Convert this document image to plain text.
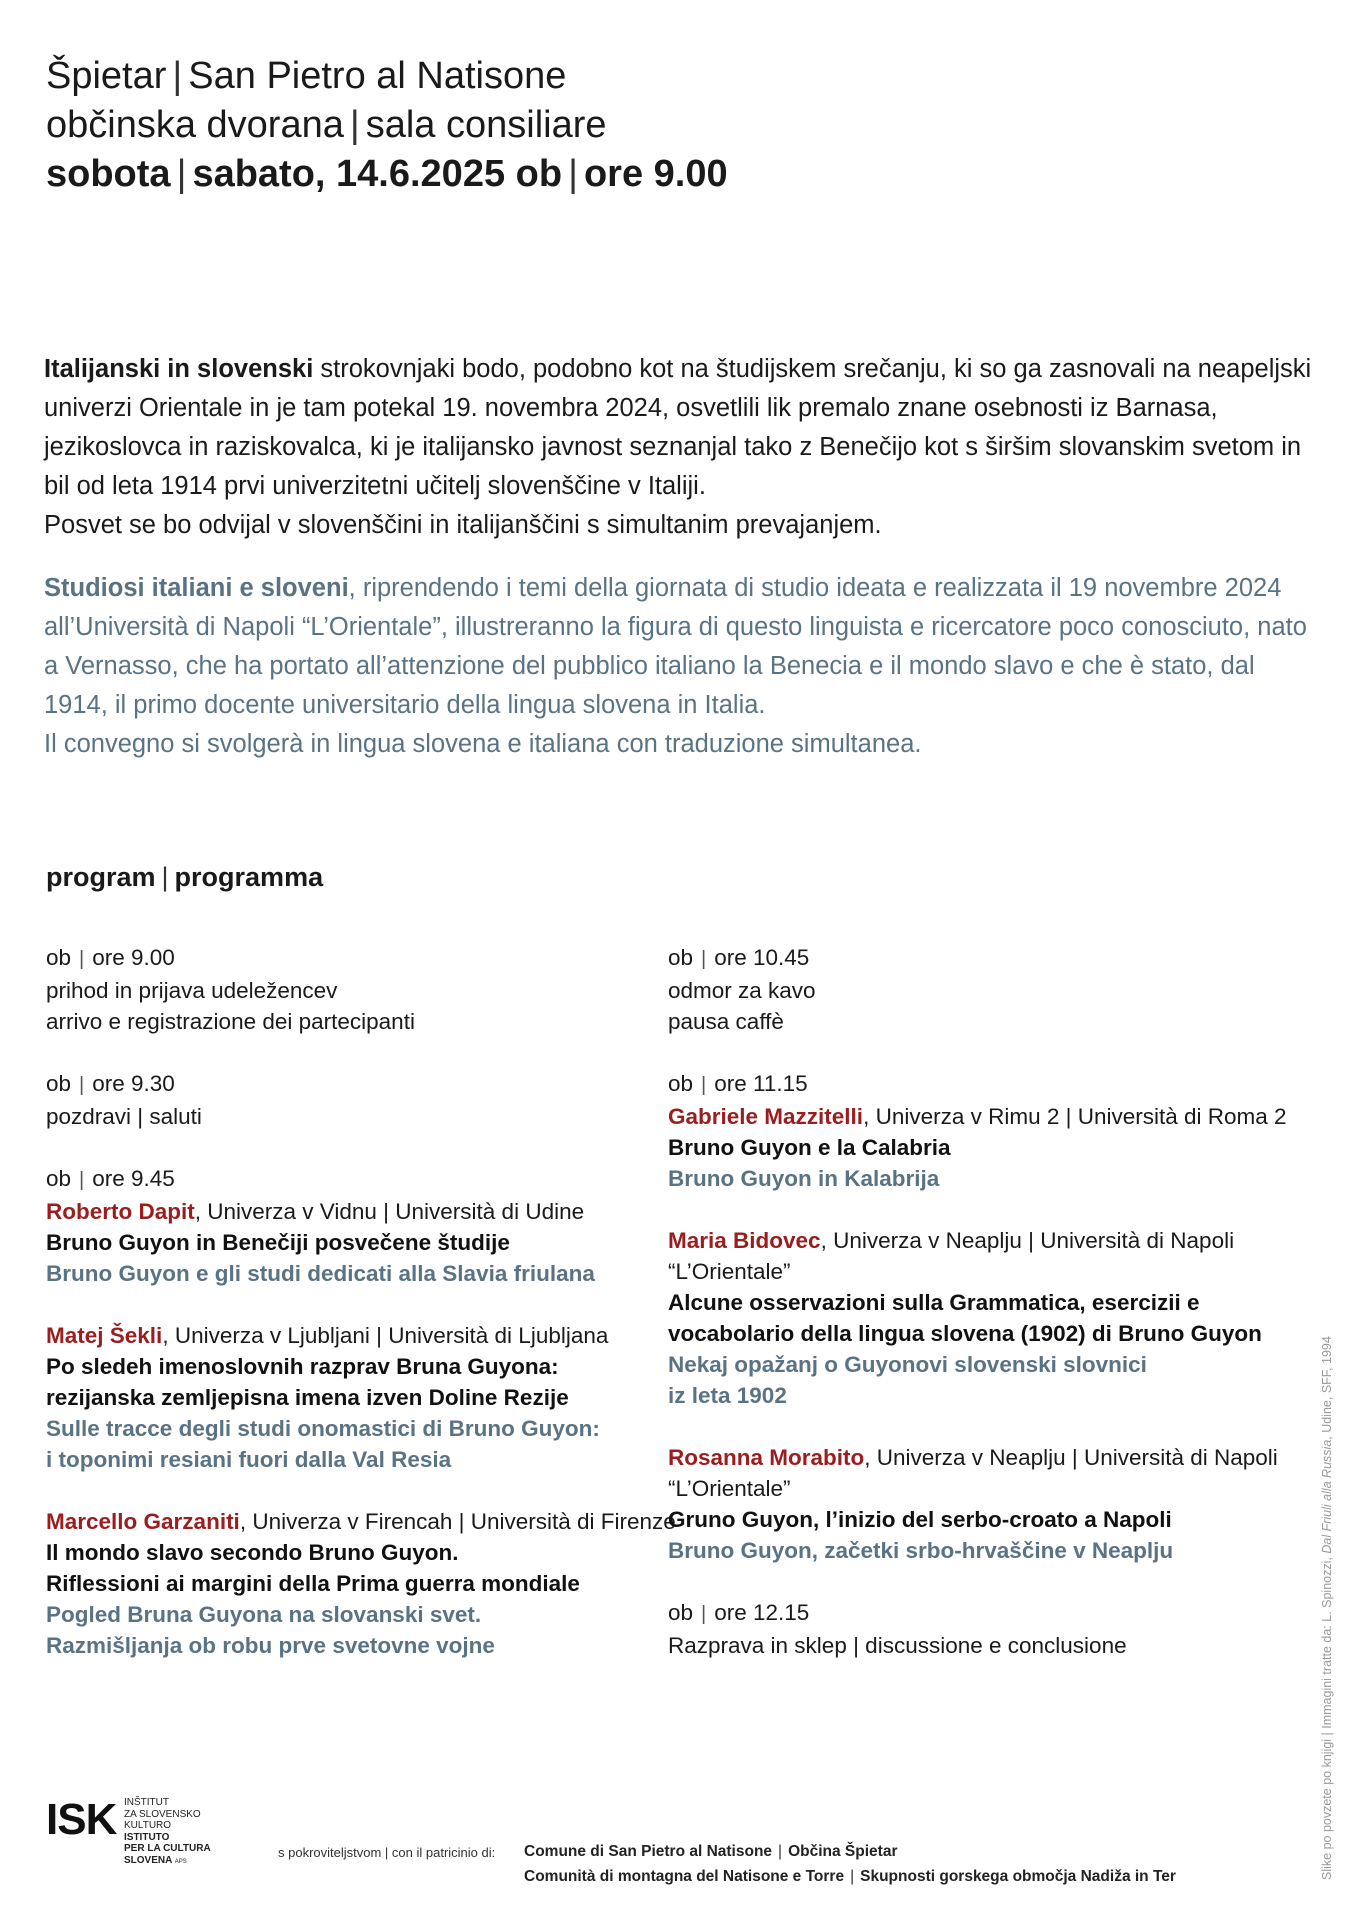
Špietar | San Pietro al Natisone
občinska dvorana | sala consiliare
sobota | sabato, 14.6.2025 ob | ore 9.00

Italijanski in slovenski strokovnjaki bodo, podobno kot na študijskem srečanju, ki so ga zasnovali na neapeljski univerzi Orientale in je tam potekal 19. novembra 2024, osvetlili lik premalo znane osebnosti iz Barnasa, jezikoslovca in raziskovalca, ki je italijansko javnost seznanjal tako z Benečijo kot s širšim slovanskim svetom in bil od leta 1914 prvi univerzitetni učitelj slovenščine v Italiji.

Posvet se bo odvijal v slovenščini in italijanščini s simultanim prevajanjem.

Studiosi italiani e sloveni, riprendendo i temi della giornata di studio ideata e realizzata il 19 novembre 2024 all’Università di Napoli “L’Orientale”, illustreranno la figura di questo linguista e ricercatore poco conosciuto, nato a Vernasso, che ha portato all’attenzione del pubblico italiano la Benecia e il mondo slavo e che è stato, dal 1914, il primo docente universitario della lingua slovena in Italia.

Il convegno si svolgerà in lingua slovena e italiana con traduzione simultanea.

program | programma
ob | ore 9.00
prihod in prijava udeležencev
arrivo e registrazione dei partecipanti
ob | ore 9.30
pozdravi | saluti
ob | ore 9.45
Roberto Dapit, Univerza v Vidnu | Università di Udine
Bruno Guyon in Benečiji posvečene študije
Bruno Guyon e gli studi dedicati alla Slavia friulana
Matej Šekli, Univerza v Ljubljani | Università di Ljubljana
Po sledeh imenoslovnih razprav Bruna Guyona:
rezijanska zemljepisna imena izven Doline Rezije
Sulle tracce degli studi onomastici di Bruno Guyon:
i toponimi resiani fuori dalla Val Resia
Marcello Garzaniti, Univerza v Firencah | Università di Firenze
Il mondo slavo secondo Bruno Guyon.
Riflessioni ai margini della Prima guerra mondiale
Pogled Bruna Guyona na slovanski svet.
Razmišljanja ob robu prve svetovne vojne
ob | ore 10.45
odmor za kavo
pausa caffè
ob | ore 11.15
Gabriele Mazzitelli, Univerza v Rimu 2 | Università di Roma 2
Bruno Guyon e la Calabria
Bruno Guyon in Kalabrija
Maria Bidovec, Univerza v Neaplju | Università di Napoli
“L’Orientale”
Alcune osservazioni sulla Grammatica, esercizii e
vocabolario della lingua slovena (1902) di Bruno Guyon
Nekaj opažanj o Guyonovi slovenski slovnici
iz leta 1902
Rosanna Morabito, Univerza v Neaplju | Università di Napoli
“L’Orientale”
Gruno Guyon, l’inizio del serbo-croato a Napoli
Bruno Guyon, začetki srbo-hrvaščine v Neaplju
ob | ore 12.15
Razprava in sklep | discussione e conclusione
ISK INŠTITUT
ZA SLOVENSKO
KULTURO
ISTITUTO
PER LA CULTURA
SLOVENA APS
s pokroviteljstvom | con il patricinio di: Comune di San Pietro al Natisone | Občina Špietar
Comunità di montagna del Natisone e Torre | Skupnosti gorskega območja Nadiža in Ter	Slike po povzete po knjigi | Immagini tratte da: L. Spinozzi, Dal Friuli alla Russia, Udine, SFF, 1994
